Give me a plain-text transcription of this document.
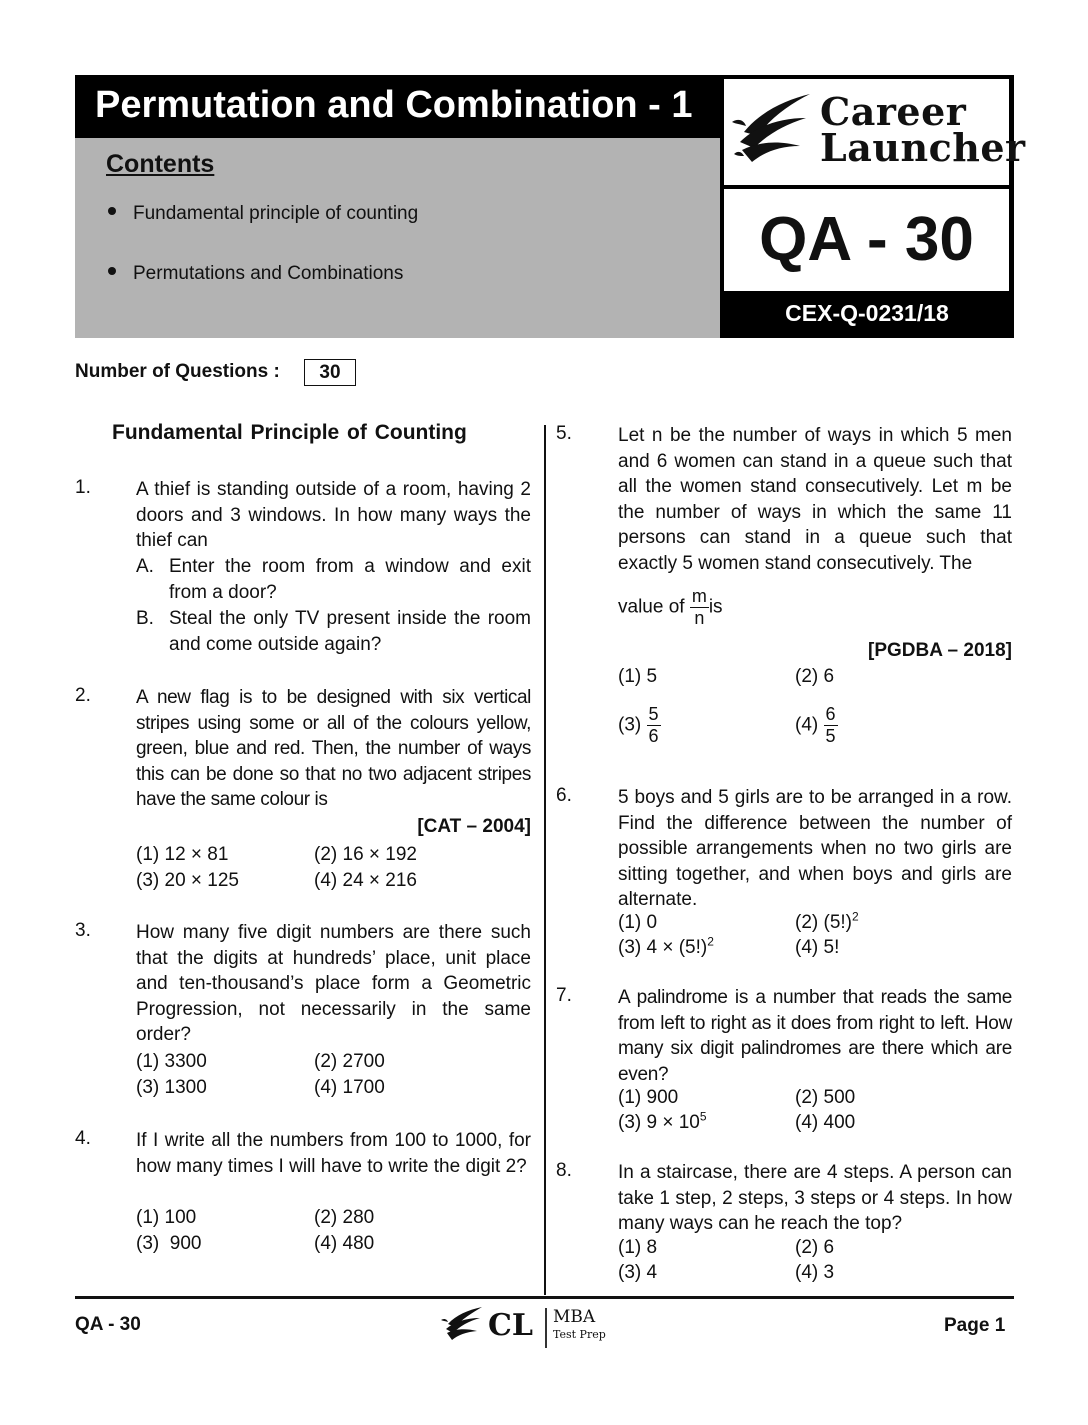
Permutation and Combination - 1
Contents
Fundamental principle of counting
Permutations and Combinations
Career
Launcher
QA - 30
CEX-Q-0231/18
Number of Questions :	30
Fundamental Principle of Counting
1. A thief is standing outside of a room, having 2 doors and 3 windows. In how many ways the thief can
A. Enter the room from a window and exit from a door?
B. Steal the only TV present inside the room and come outside again?
2. A new flag is to be designed with six vertical stripes using some or all of the colours yellow, green, blue and red. Then, the number of ways this can be done so that no two adjacent stripes have the same colour is
[CAT – 2004]
(1) 12 × 81	(2) 16 × 192
(3) 20 × 125	(4) 24 × 216
3. How many five digit numbers are there such that the digits at hundreds’ place, unit place and ten-thousand’s place form a Geometric Progression, not necessarily in the same order?
(1) 3300	(2) 2700
(3) 1300	(4) 1700
4. If I write all the numbers from 100 to 1000, for how many times I will have to write the digit 2?
(1) 100	(2) 280
(3)  900	(4) 480
5. Let n be the number of ways in which 5 men and 6 women can stand in a queue such that all the women stand consecutively. Let m be the number of ways in which the same 11 persons can stand in a queue such that exactly 5 women stand consecutively. The
value of $\frac{m}{n}$ is
[PGDBA – 2018]
(1) 5	(2) 6
$(3) \frac{5}{6}$	$(4) \frac{6}{5}$
6. 5 boys and 5 girls are to be arranged in a row. Find the difference between the number of possible arrangements when no two girls are sitting together, and when boys and girls are alternate.
(1) 0	(2) $(5!)^2$
(3) $4 \times (5!)^2$	(4) 5!
7. A palindrome is a number that reads the same from left to right as it does from right to left. How many six digit palindromes are there which are even?
(1) 900	(2) 500
(3) $9 \times 10^5$	(4) 400
8. In a staircase, there are 4 steps. A person can take 1 step, 2 steps, 3 steps or 4 steps. In how many ways can he reach the top?
(1) 8	(2) 6
(3) 4	(4) 3
QA - 30	CL MBA
Test Prep	Page 1
